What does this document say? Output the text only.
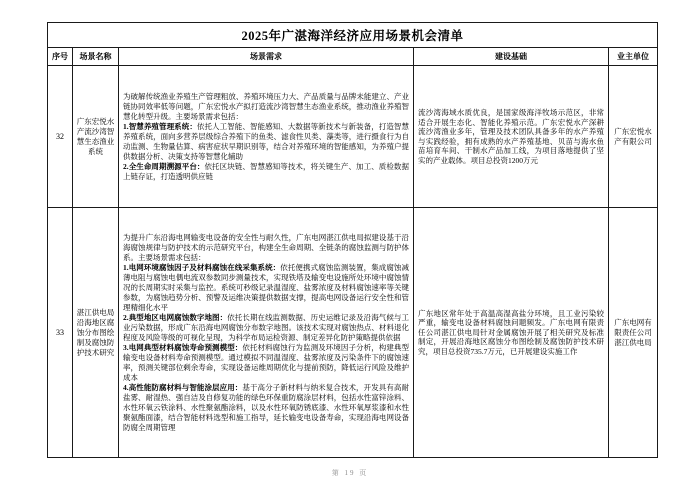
2025年广湛海洋经济应用场景机会清单				
序号	场景名称	场景需求	建设基础	业主单位
32	广东宏悦水产流沙湾智慧生态渔业系统	为破解传统渔业养殖生产管理粗放、养殖环境压力大、产品质量与品牌未能建立、产业链协同效率低等问题，广东宏悦水产拟打造流沙湾智慧生态渔业系统，推动渔业养殖智慧化转型升级。主要场景需求包括：
1.智慧养殖管理系统：依托人工智能、智能感知、大数据等新技术与新装备，打造智慧养殖系统，面向多营养层级综合养殖下的鱼类、滤食性贝类、藻类等，进行摄食行为自动监测、生物量估算、病害症状早期识别等，结合对养殖环境的智能感知，为养殖户提供数据分析、决策支持等智慧化辅助
2.全生命周期溯源平台：依托区块链、智慧感知等技术，将关键生产、加工、质检数据上链存证，打造透明供应链	流沙湾海域水质优良，是国家级海洋牧场示范区，非常适合开展生态化、智能化养殖示范。广东宏悦水产深耕流沙湾渔业多年，管理及技术团队具备多年的水产养殖与实践经验，拥有成熟的水产养殖基地、贝苗与海水鱼苗培育车间、干制水产品加工线，为项目落地提供了坚实的产业载体。项目总投资1200万元	广东宏悦水产有限公司
33	湛江供电局沿海地区腐蚀分布图绘制及腐蚀防护技术研究	为提升广东沿海电网输变电设备的安全性与耐久性，广东电网湛江供电局拟建设基于沿海腐蚀规律与防护技术的示范研究平台，构建全生命周期、全链条的腐蚀监测与防护体系。主要场景需求包括：
1.电网环境腐蚀因子及材料腐蚀在线采集系统：依托便携式腐蚀监测装置，集成腐蚀减薄电阻与腐蚀电偶电流双参数同步测量技术，实现铁塔及输变电设施所处环境中腐蚀情况的长周期实时采集与监控。系统可秒级记录温湿度、盐雾浓度及材料腐蚀速率等关键参数，为腐蚀趋势分析、预警及运维决策提供数据支撑，提高电网设备运行安全性和管理精细化水平
2.典型地区电网腐蚀数字地图：依托长期在线监测数据、历史运维记录及沿海气候与工业污染数据，形成广东沿海电网腐蚀分布数字地图。该技术实现对腐蚀热点、材料退化程度及风险等级的可视化呈现，为科学布局运检资源、制定差异化防护策略提供依据
3.电网典型材料腐蚀寿命预测模型：依托材料腐蚀行为监测及环境因子分析，构建典型输变电设备材料寿命预测模型。通过模拟不同温湿度、盐雾浓度及污染条件下的腐蚀速率，预测关键部位剩余寿命，实现设备运维周期优化与提前预防，降低运行风险及维护成本
4.高性能防腐材料与智能涂层应用：基于高分子新材料与纳米复合技术，开发具有高耐盐雾、耐湿热、强自洁及自修复功能的绿色环保重防腐涂层材料，包括水性富锌涂料、水性环氧云铁涂料、水性聚氨酯涂料，以及水性环氧防锈底漆、水性环氧厚浆漆和水性聚氨酯面漆，结合智能材料选型和施工指导，延长输变电设备寿命，实现沿海电网设备防腐全周期管理	广东地区常年处于高温高湿高盐分环境，且工业污染较严重，输变电设备材料腐蚀问题频发。广东电网有限责任公司湛江供电局针对金属腐蚀开展了相关研究及标准制定，开展沿海地区腐蚀分布图绘制及腐蚀防护技术研究，项目总投资735.7万元，已开展建设实施工作	广东电网有限责任公司湛江供电局
第 19 页
